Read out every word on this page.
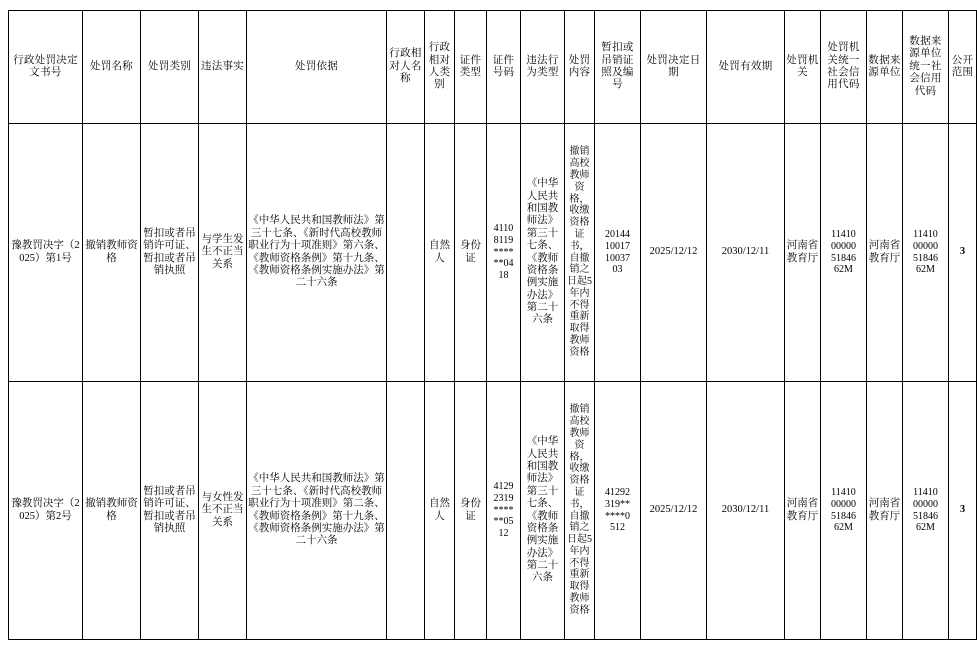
行政处罚决定文书号	处罚名称	处罚类别	违法事实	处罚依据	行政相对人名称	行政相对人类别	证件类型	证件号码	违法行为类型	处罚内容	暂扣或吊销证照及编号	处罚决定日期	处罚有效期	处罚机关	处罚机关统一社会信用代码	数据来源单位	数据来源单位统一社会信用代码	公开范围
豫教罚决字（2025）第1号	撤销教师资格	暂扣或者吊销许可证、暂扣或者吊销执照	与学生发生不正当关系	《中华人民共和国教师法》第三十七条、《新时代高校教师职业行为十项准则》第六条、《教师资格条例》第十九条、《教师资格条例实施办法》第二十六条		自然人	身份证	4110
8119
****
**04
18	《中华人民共和国教师法》第三十七条、《教师资格条例实施办法》第二十六条	撤销高校教师资格，收缴资格证书，自撤销之日起5年内不得重新取得教师资格	20144
10017
10037
03	2025/12/12	2030/12/11	河南省教育厅	11410
00000
51846
62M	河南省教育厅	11410
00000
51846
62M	3
豫教罚决字（2025）第2号	撤销教师资格	暂扣或者吊销许可证、暂扣或者吊销执照	与女性发生不正当关系	《中华人民共和国教师法》第三十七条、《新时代高校教师职业行为十项准则》第二条、《教师资格条例》第十九条、《教师资格条例实施办法》第二十六条		自然人	身份证	4129
2319
****
**05
12	《中华人民共和国教师法》第三十七条、《教师资格条例实施办法》第二十六条	撤销高校教师资格，收缴资格证书，自撤销之日起5年内不得重新取得教师资格	41292
319**
****0
512	2025/12/12	2030/12/11	河南省教育厅	11410
00000
51846
62M	河南省教育厅	11410
00000
51846
62M	3
